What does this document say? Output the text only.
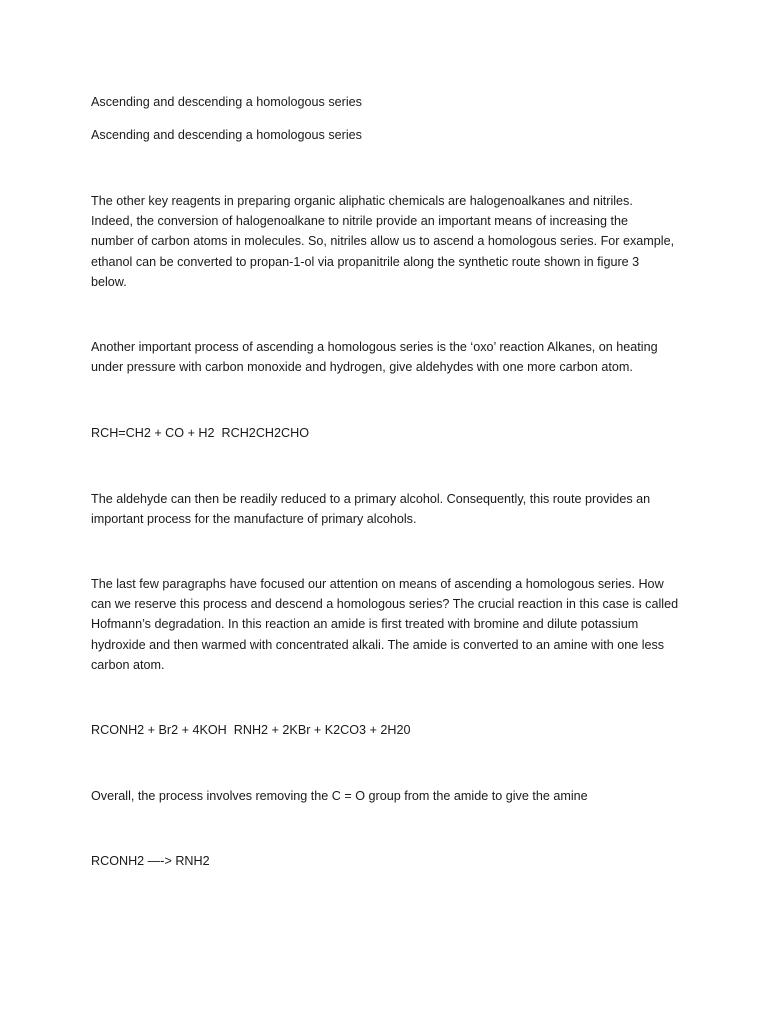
Ascending and descending a homologous series

Ascending and descending a homologous series

The other key reagents in preparing organic aliphatic chemicals are halogenoalkanes and nitriles.
Indeed, the conversion of halogenoalkane to nitrile provide an important means of increasing the
number of carbon atoms in molecules. So, nitriles allow us to ascend a homologous series. For example,
ethanol can be converted to propan-1-ol via propanitrile along the synthetic route shown in figure 3
below.

Another important process of ascending a homologous series is the ‘oxo’ reaction Alkanes, on heating
under pressure with carbon monoxide and hydrogen, give aldehydes with one more carbon atom.

RCH=CH2 + CO + H2  RCH2CH2CHO

The aldehyde can then be readily reduced to a primary alcohol. Consequently, this route provides an
important process for the manufacture of primary alcohols.

The last few paragraphs have focused our attention on means of ascending a homologous series. How
can we reserve this process and descend a homologous series? The crucial reaction in this case is called
Hofmann’s degradation. In this reaction an amide is first treated with bromine and dilute potassium
hydroxide and then warmed with concentrated alkali. The amide is converted to an amine with one less
carbon atom.

RCONH2 + Br2 + 4KOH  RNH2 + 2KBr + K2CO3 + 2H20

Overall, the process involves removing the C = O group from the amide to give the amine

RCONH2 —-> RNH2
